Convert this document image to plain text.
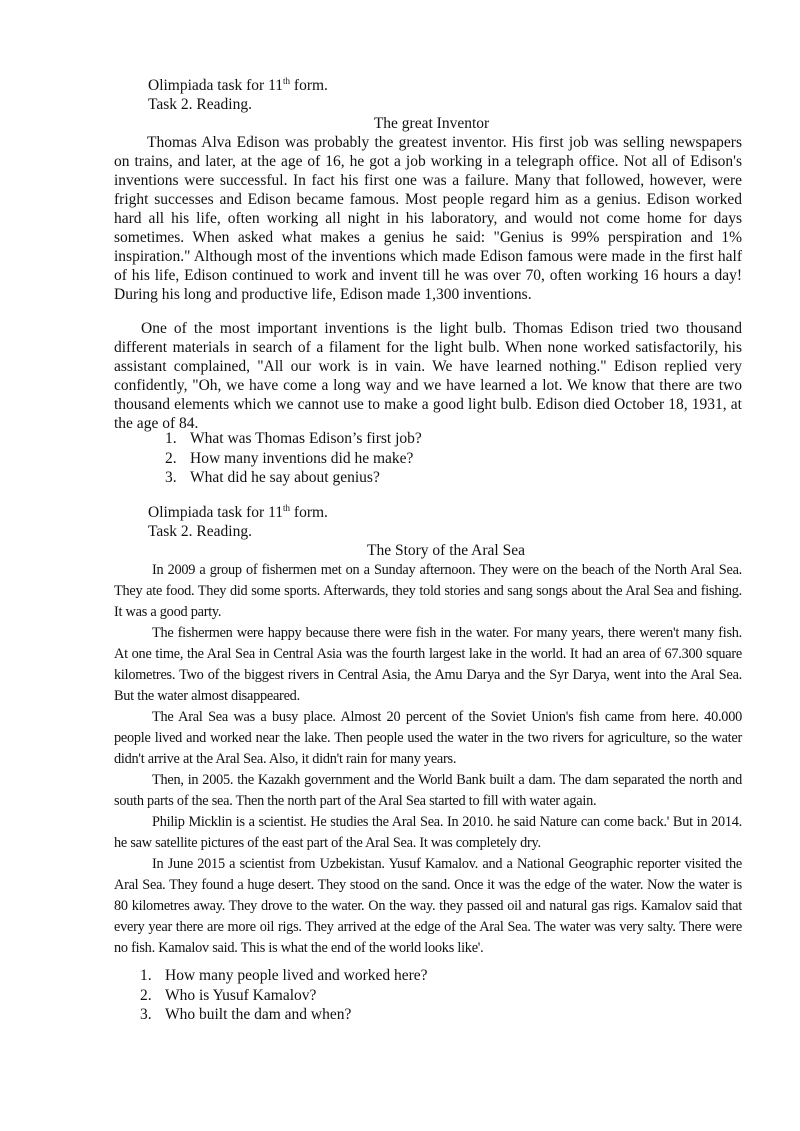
Olimpiada task for 11th form.
Task 2. Reading.
The great Inventor
Thomas Alva Edison was probably the greatest inventor. His first job was selling newspapers on trains, and later, at the age of 16, he got a job working in a telegraph office. Not all of Edison's inventions were successful. In fact his first one was a failure. Many that followed, however, were fright successes and Edison became famous. Most people regard him as a genius. Edison worked hard all his life, often working all night in his laboratory, and would not come home for days sometimes. When asked what makes a genius he said: "Genius is 99% perspiration and 1% inspiration." Although most of the inventions which made Edison famous were made in the first half of his life, Edison continued to work and invent till he was over 70, often working 16 hours a day! During his long and productive life, Edison made 1,300 inventions.
One of the most important inventions is the light bulb. Thomas Edison tried two thousand different materials in search of a filament for the light bulb. When none worked satisfactorily, his assistant complained, "All our work is in vain. We have learned nothing." Edison replied very confidently, "Oh, we have come a long way and we have learned a lot. We know that there are two thousand elements which we cannot use to make a good light bulb. Edison died October 18, 1931, at the age of 84.
1. What was Thomas Edison’s first job?
2. How many inventions did he make?
3. What did he say about genius?
Olimpiada task for 11th form.
Task 2. Reading.
The Story of the Aral Sea

In 2009 a group of fishermen met on a Sunday afternoon. They were on the beach of the North Aral Sea. They ate food. They did some sports. Afterwards, they told stories and sang songs about the Aral Sea and fishing. It was a good party.

The fishermen were happy because there were fish in the water. For many years, there weren't many fish. At one time, the Aral Sea in Central Asia was the fourth largest lake in the world. It had an area of 67.300 square kilometres. Two of the biggest rivers in Central Asia, the Amu Darya and the Syr Darya, went into the Aral Sea. But the water almost disappeared.

The Aral Sea was a busy place. Almost 20 percent of the Soviet Union's fish came from here. 40.000 people lived and worked near the lake. Then people used the water in the two rivers for agriculture, so the water didn't arrive at the Aral Sea. Also, it didn't rain for many years.

Then, in 2005. the Kazakh government and the World Bank built a dam. The dam separated the north and south parts of the sea. Then the north part of the Aral Sea started to fill with water again.

Philip Micklin is a scientist. He studies the Aral Sea. In 2010. he said Nature can come back.' But in 2014. he saw satellite pictures of the east part of the Aral Sea. It was completely dry.

In June 2015 a scientist from Uzbekistan. Yusuf Kamalov. and a National Geographic reporter visited the Aral Sea. They found a huge desert. They stood on the sand. Once it was the edge of the water. Now the water is 80 kilometres away. They drove to the water. On the way. they passed oil and natural gas rigs. Kamalov said that every year there are more oil rigs. They arrived at the edge of the Aral Sea. The water was very salty. There were no fish. Kamalov said. This is what the end of the world looks like'.

1. How many people lived and worked here?
2. Who is Yusuf Kamalov?
3. Who built the dam and when?
